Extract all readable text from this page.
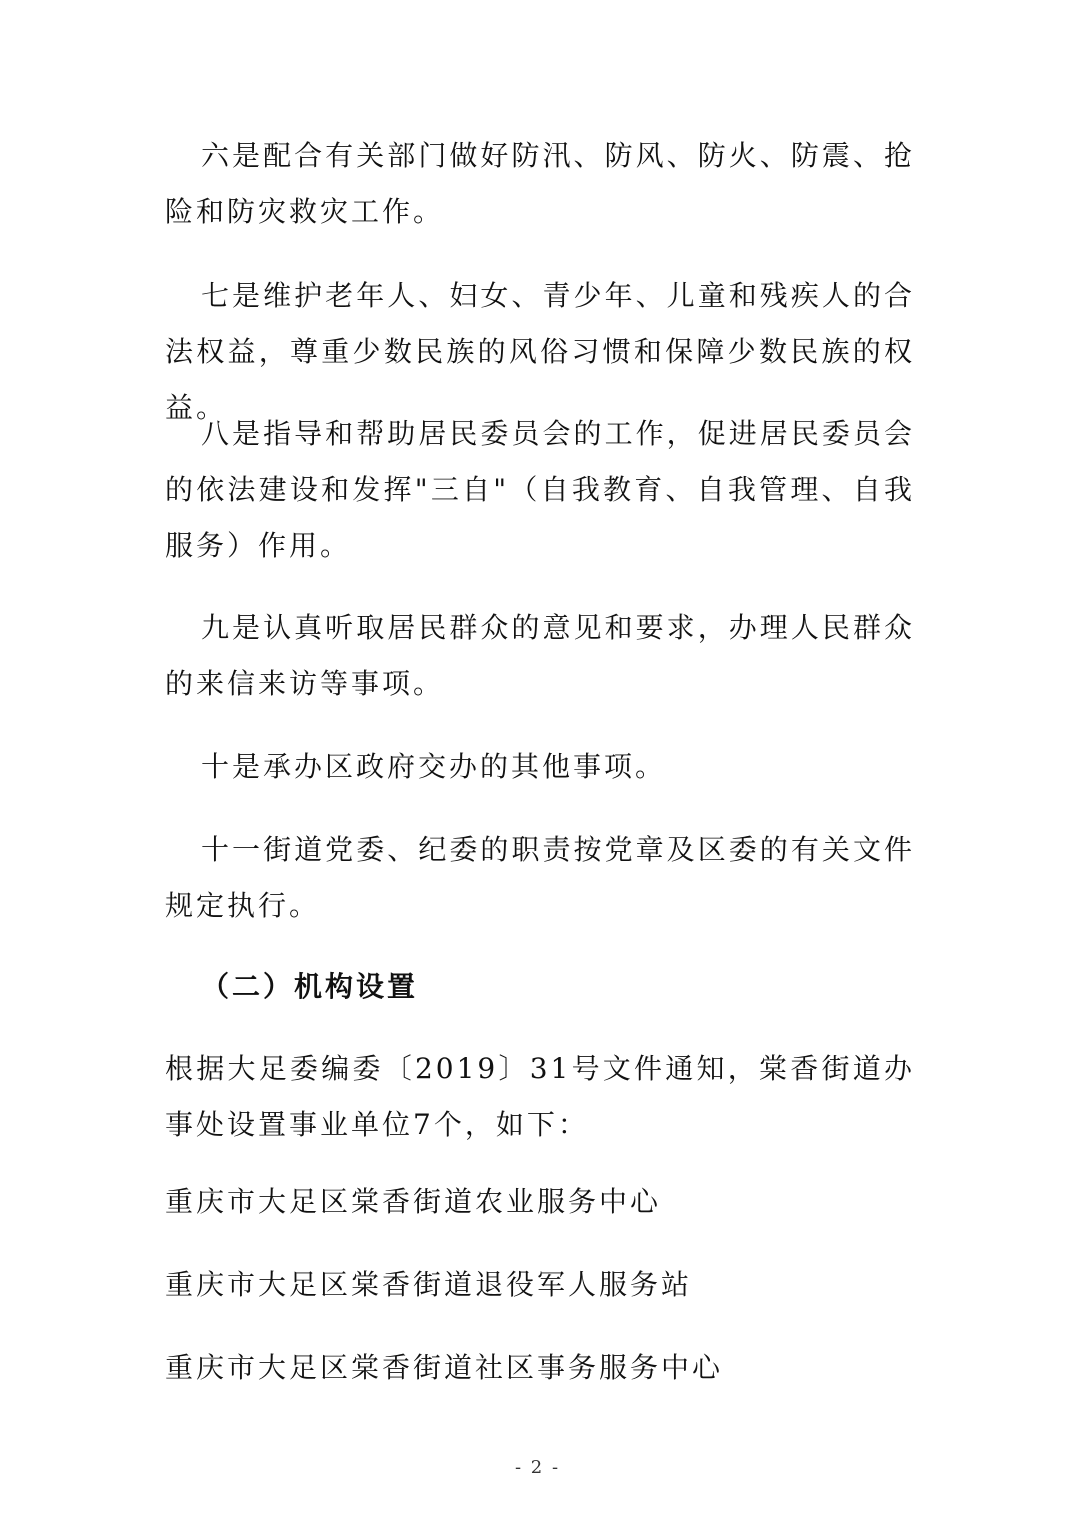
六是配合有关部门做好防汛、防风、防火、防震、抢险和防灾救灾工作。

七是维护老年人、妇女、青少年、儿童和残疾人的合法权益，尊重少数民族的风俗习惯和保障少数民族的权益。

八是指导和帮助居民委员会的工作，促进居民委员会的依法建设和发挥"三自"（自我教育、自我管理、自我服务）作用。

九是认真听取居民群众的意见和要求，办理人民群众的来信来访等事项。

十是承办区政府交办的其他事项。

十一街道党委、纪委的职责按党章及区委的有关文件规定执行。

（二）机构设置

根据大足委编委〔2019〕31号文件通知，棠香街道办事处设置事业单位7个，如下：

重庆市大足区棠香街道农业服务中心

重庆市大足区棠香街道退役军人服务站

重庆市大足区棠香街道社区事务服务中心

- 2 -
